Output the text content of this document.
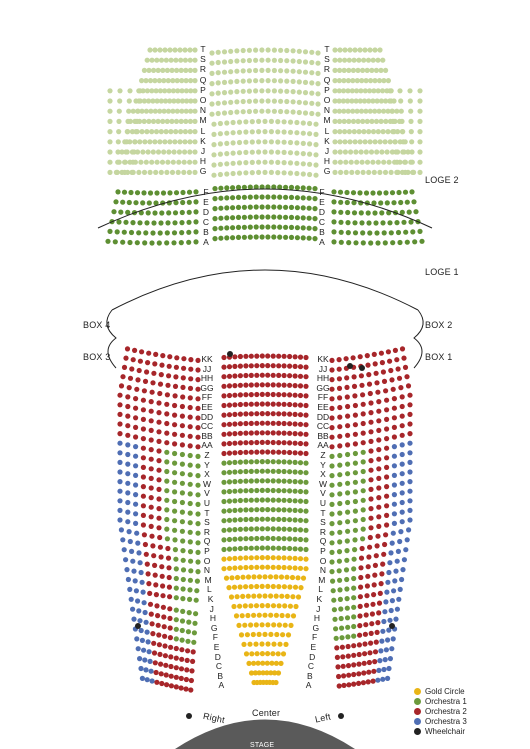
T	T
S	S
R	R
Q	Q
P	P
O	O
N	N
M	M
L	L
K	K
J	J
H	H
G	G
F	F
E	E
D	D
C	C
B	B
A	A
KK	KK
JJ	JJ
HH	HH
GG	GG
FF	FF
EE	EE
DD	DD
CC	CC
BB	BB
AA	AA
Z	Z
Y	Y
X	X
W	W
V	V
U	U
T	T
S	S
R	R
Q	Q
P	P
O	O
N	N
M	M
L	L
K	K
J	J
H	H
G	G
F	F
E	E
D	D
C	C
B	B
A	A
LOGE 2
LOGE 1
BOX 4
BOX 3
BOX 2
BOX 1
Right	Center	Left
STAGE
Gold Circle
Orchestra 1
Orchestra 2
Orchestra 3
Wheelchair
